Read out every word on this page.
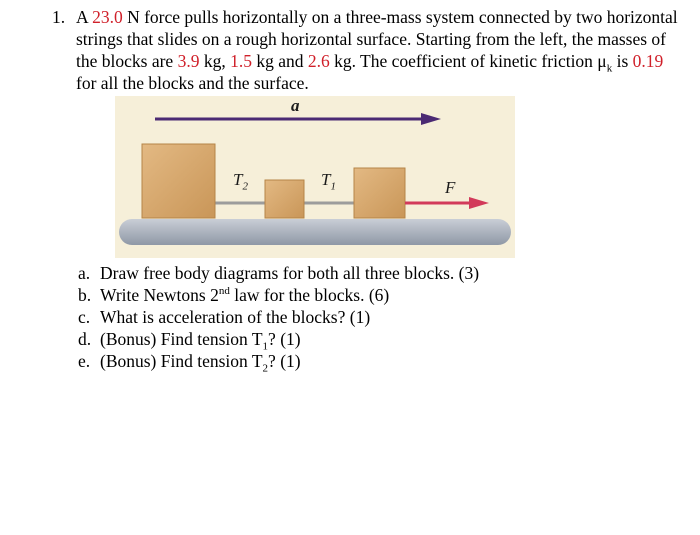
1. A 23.0 N force pulls horizontally on a three-mass system connected by two horizontal strings that slides on a rough horizontal surface. Starting from the left, the masses of the blocks are 3.9 kg, 1.5 kg and 2.6 kg. The coefficient of kinetic friction $\mu_k$ is 0.19 for all the blocks and the surface.
a
$T_2$	$T_1$	F
a. Draw free body diagrams for both all three blocks. (3)
b. Write Newtons 2nd law for the blocks. (6)
c. What is acceleration of the blocks? (1)
d. (Bonus) Find tension $T_1$? (1)
e. (Bonus) Find tension $T_2$? (1)
